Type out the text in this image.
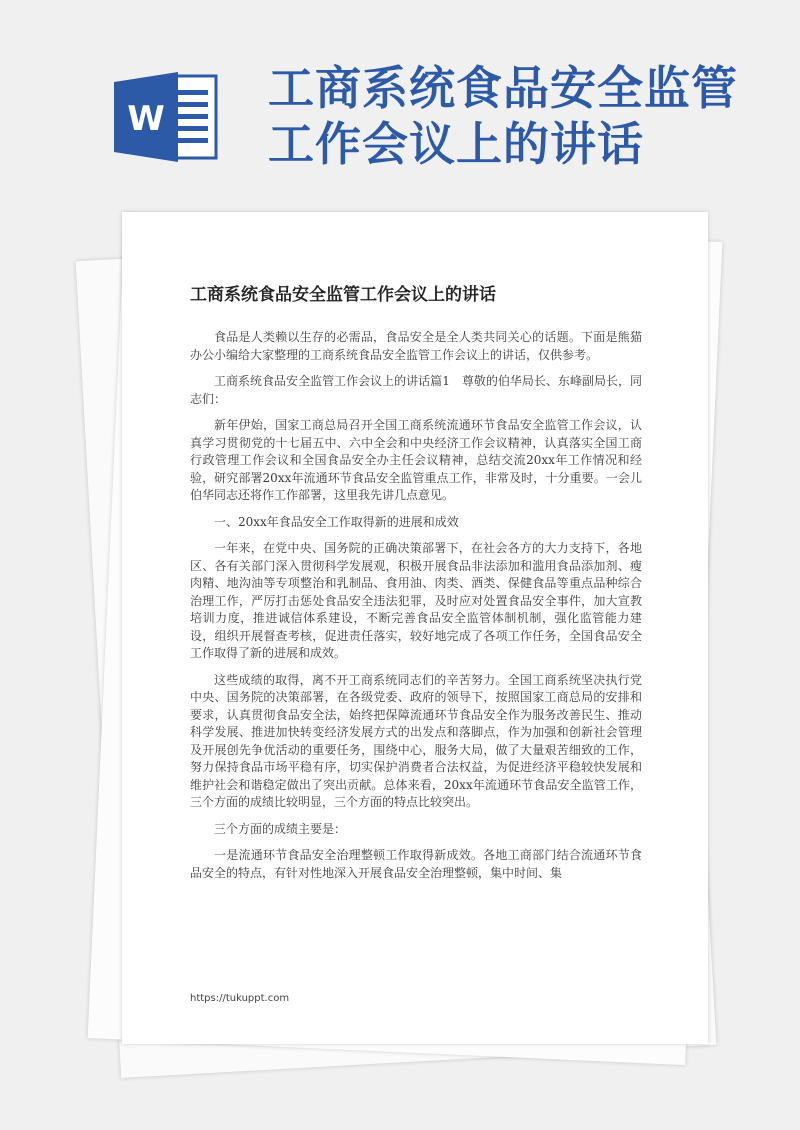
W
工商系统食品安全监管
工作会议上的讲话
工商系统食品安全监管工作会议上的讲话

食品是人类赖以生存的必需品，食品安全是全人类共同关心的话题。下面是熊猫办公小编给大家整理的工商系统食品安全监管工作会议上的讲话，仅供参考。

工商系统食品安全监管工作会议上的讲话篇1　尊敬的伯华局长、东峰副局长，同志们：

新年伊始，国家工商总局召开全国工商系统流通环节食品安全监管工作会议，认真学习贯彻党的十七届五中、六中全会和中央经济工作会议精神，认真落实全国工商行政管理工作会议和全国食品安全办主任会议精神，总结交流20xx年工作情况和经验，研究部署20xx年流通环节食品安全监管重点工作，非常及时，十分重要。一会儿伯华同志还将作工作部署，这里我先讲几点意见。

一、20xx年食品安全工作取得新的进展和成效

一年来，在党中央、国务院的正确决策部署下，在社会各方的大力支持下，各地区、各有关部门深入贯彻科学发展观，积极开展食品非法添加和滥用食品添加剂、瘦肉精、地沟油等专项整治和乳制品、食用油、肉类、酒类、保健食品等重点品种综合治理工作，严厉打击惩处食品安全违法犯罪，及时应对处置食品安全事件，加大宣教培训力度，推进诚信体系建设，不断完善食品安全监管体制机制，强化监管能力建设，组织开展督查考核，促进责任落实，较好地完成了各项工作任务，全国食品安全工作取得了新的进展和成效。

这些成绩的取得，离不开工商系统同志们的辛苦努力。全国工商系统坚决执行党中央、国务院的决策部署，在各级党委、政府的领导下，按照国家工商总局的安排和要求，认真贯彻食品安全法，始终把保障流通环节食品安全作为服务改善民生、推动科学发展、推进加快转变经济发展方式的出发点和落脚点，作为加强和创新社会管理及开展创先争优活动的重要任务，围绕中心，服务大局，做了大量艰苦细致的工作，努力保持食品市场平稳有序，切实保护消费者合法权益，为促进经济平稳较快发展和维护社会和谐稳定做出了突出贡献。总体来看，20xx年流通环节食品安全监管工作，三个方面的成绩比较明显，三个方面的特点比较突出。

三个方面的成绩主要是：

一是流通环节食品安全治理整顿工作取得新成效。各地工商部门结合流通环节食品安全的特点，有针对性地深入开展食品安全治理整顿，集中时间、集

https://tukuppt.com
